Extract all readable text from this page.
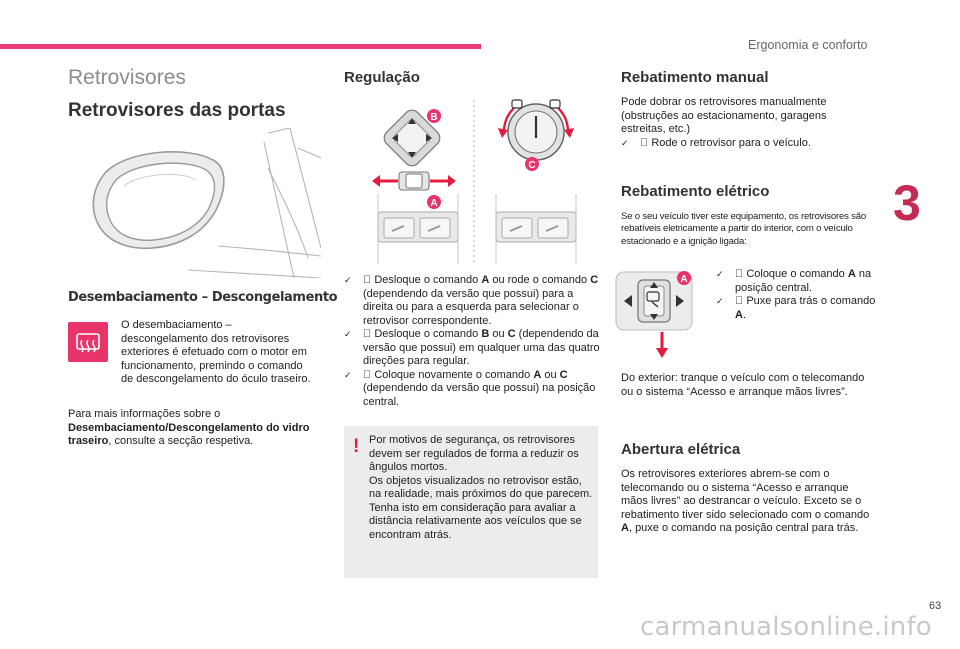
Ergonomia e conforto
3
63
carmanualsonline.info
Retrovisores
Retrovisores das portas
Desembaciamento – Descongelamento
O desembaciamento – descongelamento dos retrovisores exteriores é efetuado com o motor em funcionamento, premindo o comando de descongelamento do óculo traseiro.
Para mais informações sobre o Desembaciamento/Descongelamento do vidro traseiro, consulte a secção respetiva.
Regulação
B
A
C

✓ Desloque o comando A ou rode o comando C (dependendo da versão que possui) para a direita ou para a esquerda para selecionar o retrovisor correspondente.

✓ Desloque o comando B ou C (dependendo da versão que possui) em qualquer uma das quatro direções para regular.

✓ Coloque novamente o comando A ou C (dependendo da versão que possui) na posição central.
! Por motivos de segurança, os retrovisores devem ser regulados de forma a reduzir os ângulos mortos.
Os objetos visualizados no retrovisor estão, na realidade, mais próximos do que parecem.
Tenha isto em consideração para avaliar a distância relativamente aos veículos que se encontram atrás.
Rebatimento manual
Pode dobrar os retrovisores manualmente (obstruções ao estacionamento, garagens estreitas, etc.)

✓ Rode o retrovisor para o veículo.
Rebatimento elétrico
Se o seu veículo tiver este equipamento, os retrovisores são rebatíveis eletricamente a partir do interior, com o veículo estacionado e a ignição ligada:
A
	✓ Coloque o comando A na posição central.

✓ Puxe para trás o comando A.
Do exterior: tranque o veículo com o telecomando ou o sistema “Acesso e arranque mãos livres”.
Abertura elétrica
Os retrovisores exteriores abrem-se com o telecomando ou o sistema “Acesso e arranque mãos livres” ao destrancar o veículo. Exceto se o rebatimento tiver sido selecionado com o comando A, puxe o comando na posição central para trás.
